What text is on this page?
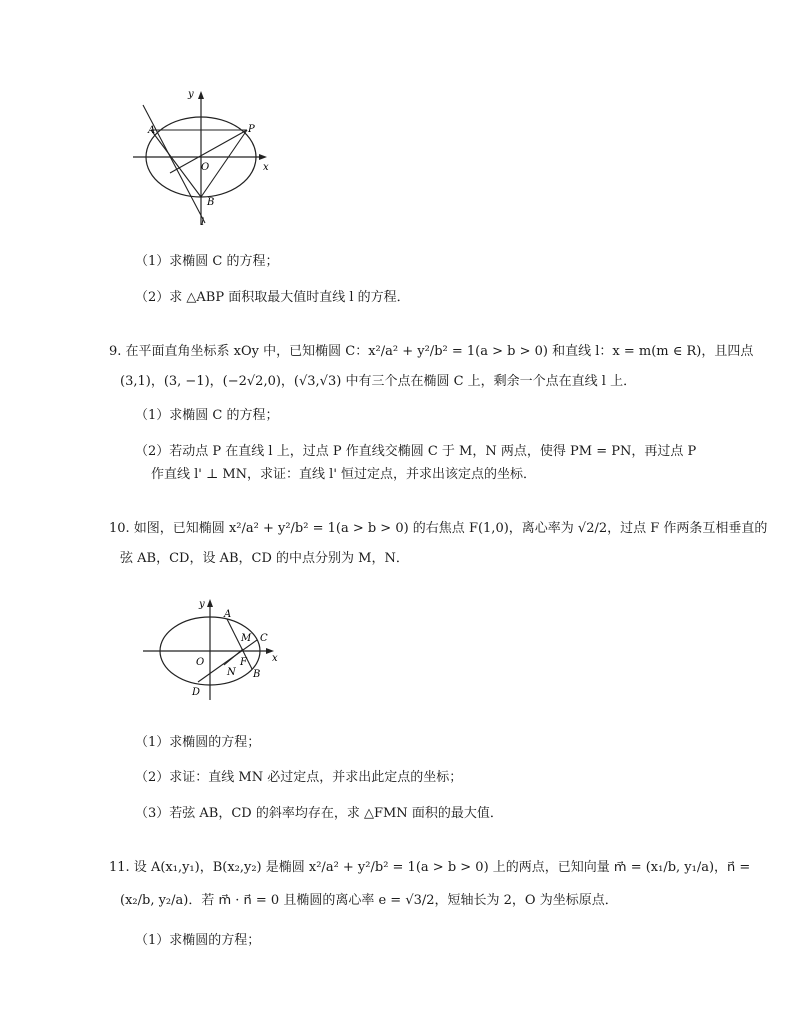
y
x
A	P
O
B
l
（1）求椭圆 C 的方程；
（2）求 △ABP 面积取最大值时直线 l 的方程．
9. 在平面直角坐标系 xOy 中，已知椭圆 C：x²/a² + y²/b² = 1(a > b > 0) 和直线 l：x = m(m ∈ R)，且四点
(3,1)，(3, −1)，(−2√2,0)，(√3,√3) 中有三个点在椭圆 C 上，剩余一个点在直线 l 上．
（1）求椭圆 C 的方程；
（2）若动点 P 在直线 l 上，过点 P 作直线交椭圆 C 于 M，N 两点，使得 PM = PN，再过点 P
作直线 l' ⊥ MN，求证：直线 l' 恒过定点，并求出该定点的坐标．
10. 如图，已知椭圆 x²/a² + y²/b² = 1(a > b > 0) 的右焦点 F(1,0)，离心率为 √2/2，过点 F 作两条互相垂直的
弦 AB，CD，设 AB，CD 的中点分别为 M，N．
y
A
M C
O	F	x
N B
D
（1）求椭圆的方程；
（2）求证：直线 MN 必过定点，并求出此定点的坐标；
（3）若弦 AB，CD 的斜率均存在，求 △FMN 面积的最大值．
11. 设 A(x₁,y₁)，B(x₂,y₂) 是椭圆 x²/a² + y²/b² = 1(a > b > 0) 上的两点，已知向量 m⃗ = (x₁/b, y₁/a)，n⃗ =
(x₂/b, y₂/a)．若 m⃗ · n⃗ = 0 且椭圆的离心率 e = √3/2，短轴长为 2，O 为坐标原点．
（1）求椭圆的方程；
